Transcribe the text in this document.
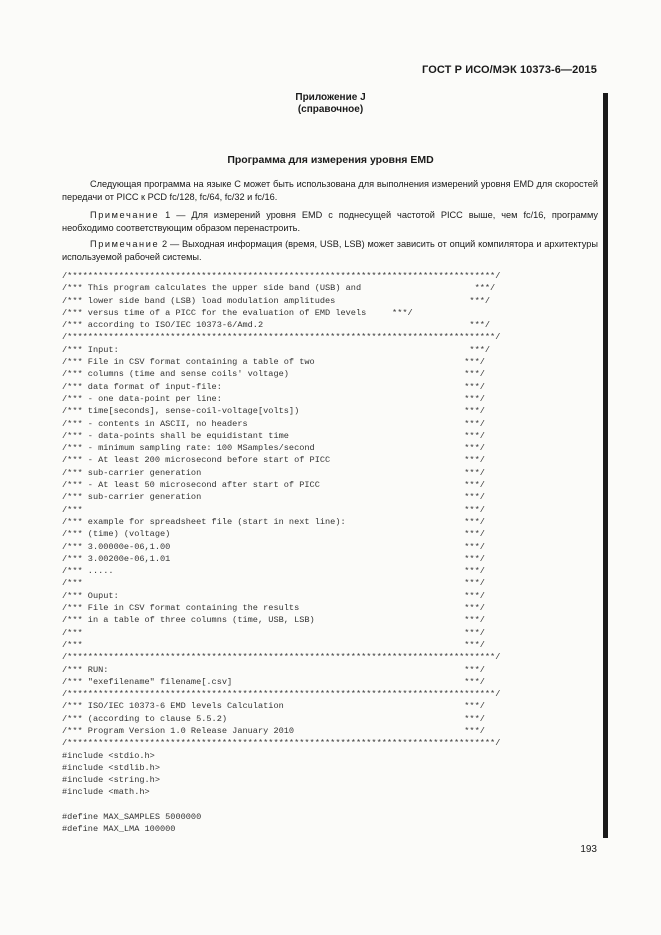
ГОСТ Р ИСО/МЭК 10373-6—2015
Приложение J
(справочное)
Программа для измерения уровня EMD
Следующая программа на языке С может быть использована для выполнения измерений уровня EMD для скоростей передачи от PICC к PCD fc/128, fc/64, fc/32 и fc/16.
Примечание 1 — Для измерений уровня EMD с поднесущей частотой PICC выше, чем fc/16, программу необходимо соответствующим образом перенастроить.
Примечание 2 — Выходная информация (время, USB, LSB) может зависить от опций компилятора и архитектуры используемой рабочей системы.
/***********************************************************************************/
/*** This program calculates the upper side band (USB) and                      ***/
/*** lower side band (LSB) load modulation amplitudes                          ***/
/*** versus time of a PICC for the evaluation of EMD levels     ***/
/*** according to ISO/IEC 10373-6/Amd.2                                        ***/
/***********************************************************************************/
/*** Input:                                                                    ***/
/*** File in CSV format containing a table of two                             ***/
/*** columns (time and sense coils' voltage)                                  ***/
/*** data format of input-file:                                               ***/
/*** - one data-point per line:                                               ***/
/*** time[seconds], sense-coil-voltage[volts])                                ***/
/*** - contents in ASCII, no headers                                          ***/
/*** - data-points shall be equidistant time                                  ***/
/*** - minimum sampling rate: 100 MSamples/second                             ***/
/*** - At least 200 microsecond before start of PICC                          ***/
/*** sub-carrier generation                                                   ***/
/*** - At least 50 microsecond after start of PICC                            ***/
/*** sub-carrier generation                                                   ***/
/***                                                                          ***/
/*** example for spreadsheet file (start in next line):                       ***/
/*** (time) (voltage)                                                         ***/
/*** 3.00000e-06,1.00                                                         ***/
/*** 3.00200e-06,1.01                                                         ***/
/*** .....                                                                    ***/
/***                                                                          ***/
/*** Ouput:                                                                   ***/
/*** File in CSV format containing the results                                ***/
/*** in a table of three columns (time, USB, LSB)                             ***/
/***                                                                          ***/
/***                                                                          ***/
/***********************************************************************************/
/*** RUN:                                                                     ***/
/*** "exefilename" filename[.csv]                                             ***/
/***********************************************************************************/
/*** ISO/IEC 10373-6 EMD levels Calculation                                   ***/
/*** (according to clause 5.5.2)                                              ***/
/*** Program Version 1.0 Release January 2010                                 ***/
/***********************************************************************************/
#include <stdio.h>
#include <stdlib.h>
#include <string.h>
#include <math.h>
#define MAX_SAMPLES 5000000
#define MAX_LMA 100000
193
